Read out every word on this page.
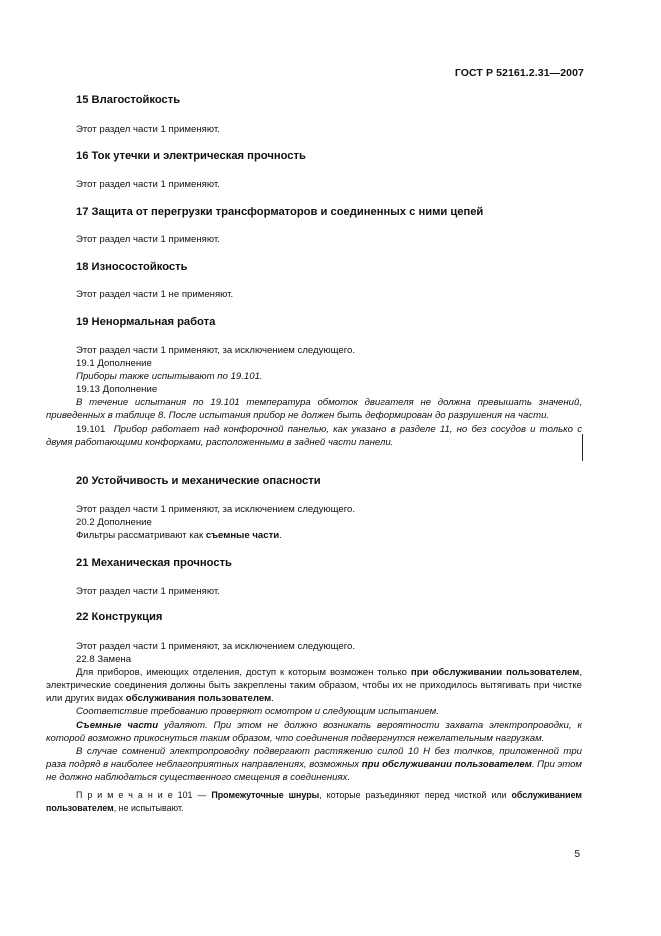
ГОСТ Р 52161.2.31—2007
15 Влагостойкость
Этот раздел части 1 применяют.
16 Ток утечки и электрическая прочность
Этот раздел части 1 применяют.
17 Защита от перегрузки трансформаторов и соединенных с ними цепей
Этот раздел части 1 применяют.
18 Износостойкость
Этот раздел части 1 не применяют.
19 Ненормальная работа

Этот раздел части 1 применяют, за исключением следующего.

19.1 Дополнение

Приборы также испытывают по 19.101.

19.13 Дополнение

В течение испытания по 19.101 температура обмоток двигателя не должна превышать значений, приведенных в таблице 8. После испытания прибор не должен быть деформирован до разрушения на части.

19.101 Прибор работает над конфорочной панелью, как указано в разделе 11, но без сосудов и только с двумя работающими конфорками, расположенными в задней части панели.

20 Устойчивость и механические опасности

Этот раздел части 1 применяют, за исключением следующего.

20.2 Дополнение

Фильтры рассматривают как съемные части.

21 Механическая прочность
Этот раздел части 1 применяют.
22 Конструкция

Этот раздел части 1 применяют, за исключением следующего.

22.8 Замена

Для приборов, имеющих отделения, доступ к которым возможен только при обслуживании пользователем, электрические соединения должны быть закреплены таким образом, чтобы их не приходилось вытягивать при чистке или других видах обслуживания пользователем.

Соответствие требованию проверяют осмотром и следующим испытанием.

Съемные части удаляют. При этом не должно возникать вероятности захвата электропроводки, к которой возможно прикоснуться таким образом, что соединения подвергнутся нежелательным нагрузкам.

В случае сомнений электропроводку подвергают растяжению силой 10 Н без толчков, приложенной три раза подряд в наиболее неблагоприятных направлениях, возможных при обслуживании пользователем. При этом не должно наблюдаться существенного смещения в соединениях.

П р и м е ч а н и е 101 — Промежуточные шнуры, которые разъединяют перед чисткой или обслуживанием пользователем, не испытывают.

5
